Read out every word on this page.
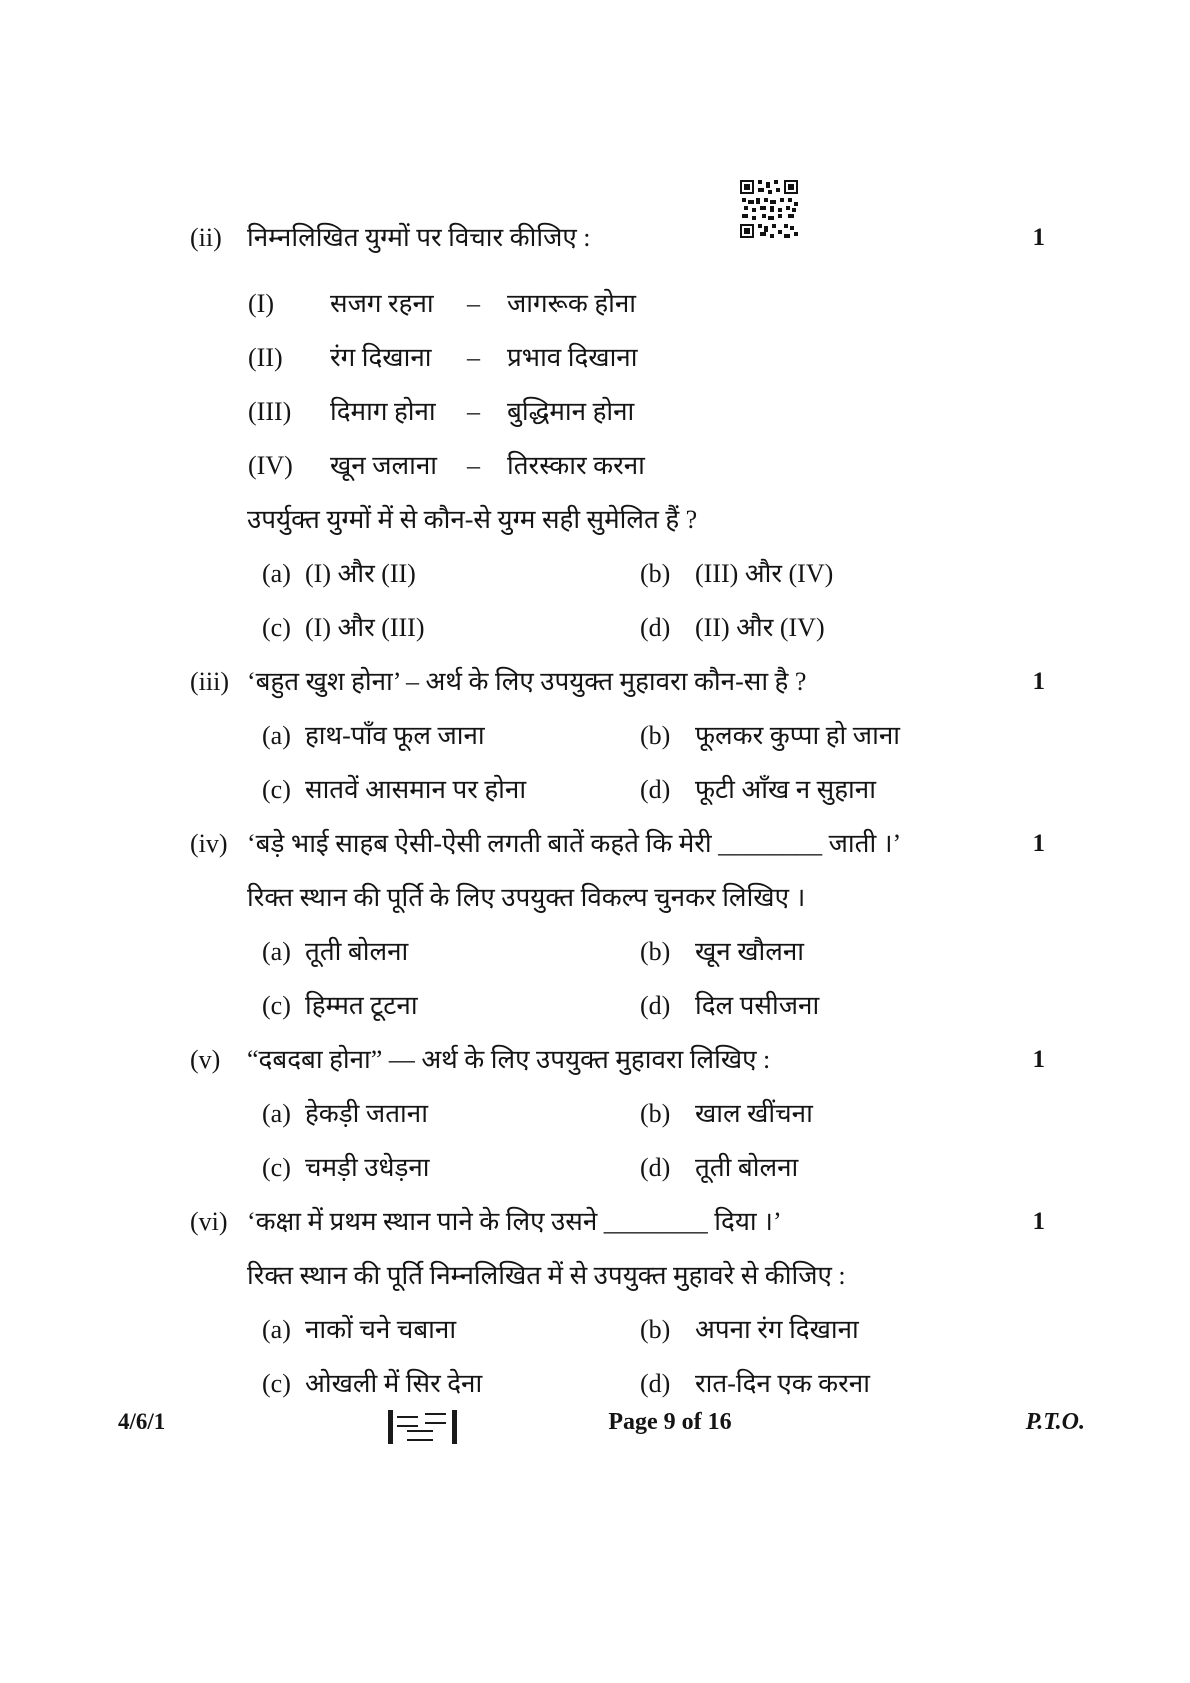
(ii) निम्नलिखित युग्मों पर विचार कीजिए :	1
(I)	सजग रहना	–	जागरूक होना
(II)	रंग दिखाना	–	प्रभाव दिखाना
(III)	दिमाग होना	–	बुद्धिमान होना
(IV)	खून जलाना	–	तिरस्कार करना
उपर्युक्त युग्मों में से कौन-से युग्म सही सुमेलित हैं ?
(a) (I) और (II)	(b) (III) और (IV)
(c) (I) और (III)	(d) (II) और (IV)
(iii) ‘बहुत खुश होना’ – अर्थ के लिए उपयुक्त मुहावरा कौन-सा है ?	1
(a) हाथ-पाँव फूल जाना	(b) फूलकर कुप्पा हो जाना
(c) सातवें आसमान पर होना	(d) फूटी आँख न सुहाना
(iv) ‘बड़े भाई साहब ऐसी-ऐसी लगती बातें कहते कि मेरी ________ जाती ।’	1
रिक्त स्थान की पूर्ति के लिए उपयुक्त विकल्प चुनकर लिखिए ।
(a) तूती बोलना	(b) खून खौलना
(c) हिम्मत टूटना	(d) दिल पसीजना
(v)	“दबदबा होना” — अर्थ के लिए उपयुक्त मुहावरा लिखिए :	1
(a) हेकड़ी जताना	(b) खाल खींचना
(c) चमड़ी उधेड़ना	(d) तूती बोलना
(vi) ‘कक्षा में प्रथम स्थान पाने के लिए उसने ________ दिया ।’	1
रिक्त स्थान की पूर्ति निम्नलिखित में से उपयुक्त मुहावरे से कीजिए :
(a) नाकों चने चबाना	(b) अपना रंग दिखाना
(c) ओखली में सिर देना	(d) रात-दिन एक करना
4/6/1	Page 9 of 16	P.T.O.
